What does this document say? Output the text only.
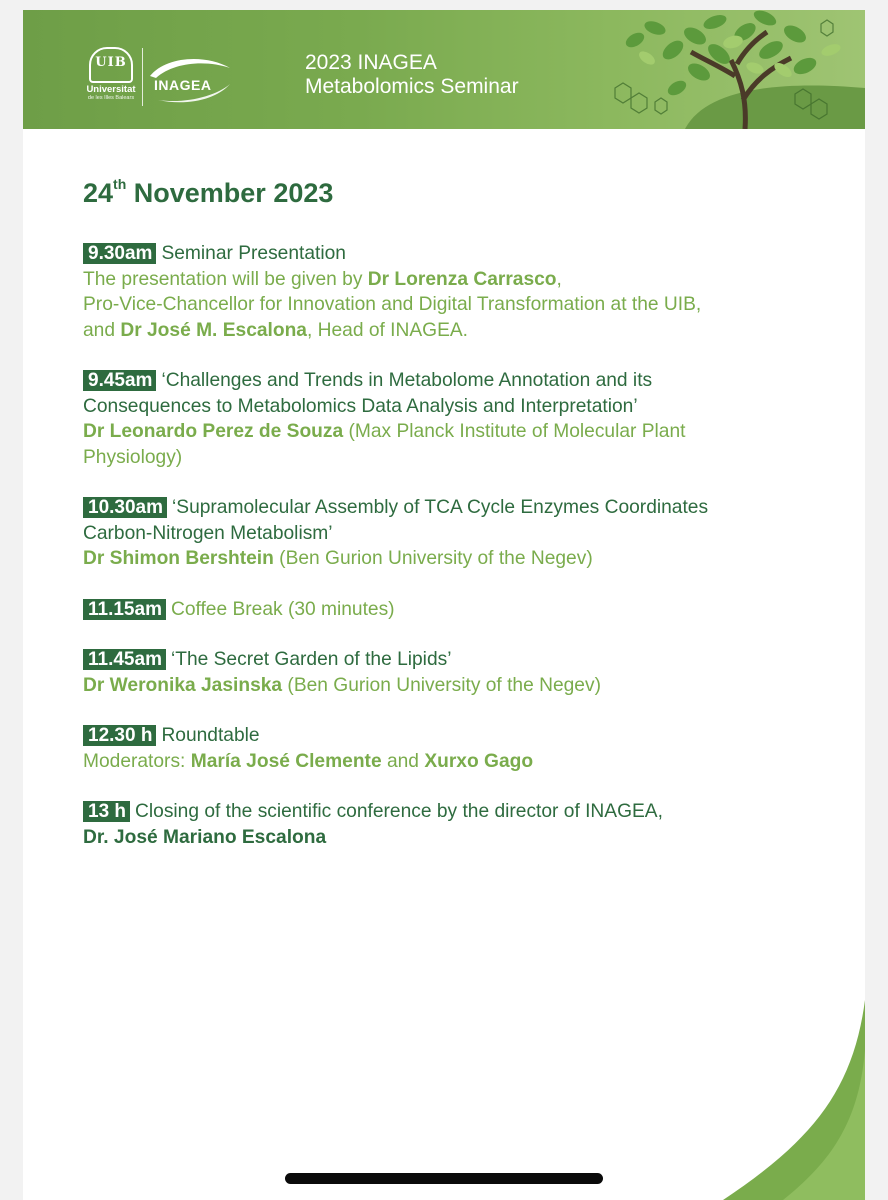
UIB
Universitat
de les Illes Balears
INAGEA
2023 INAGEA
Metabolomics Seminar
24th November 2023
9.30am Seminar Presentation
The presentation will be given by Dr Lorenza Carrasco,
Pro-Vice-Chancellor for Innovation and Digital Transformation at the UIB,
and Dr José M. Escalona, Head of INAGEA.
9.45am ‘Challenges and Trends in Metabolome Annotation and its
Consequences to Metabolomics Data Analysis and Interpretation’
Dr Leonardo Perez de Souza (Max Planck Institute of Molecular Plant
Physiology)
10.30am ‘Supramolecular Assembly of TCA Cycle Enzymes Coordinates
Carbon-Nitrogen Metabolism’
Dr Shimon Bershtein (Ben Gurion University of the Negev)
11.15am Coffee Break (30 minutes)
11.45am ‘The Secret Garden of the Lipids’
Dr Weronika Jasinska (Ben Gurion University of the Negev)
12.30 h Roundtable
Moderators: María José Clemente and Xurxo Gago
13 h Closing of the scientific conference by the director of INAGEA,
Dr. José Mariano Escalona
